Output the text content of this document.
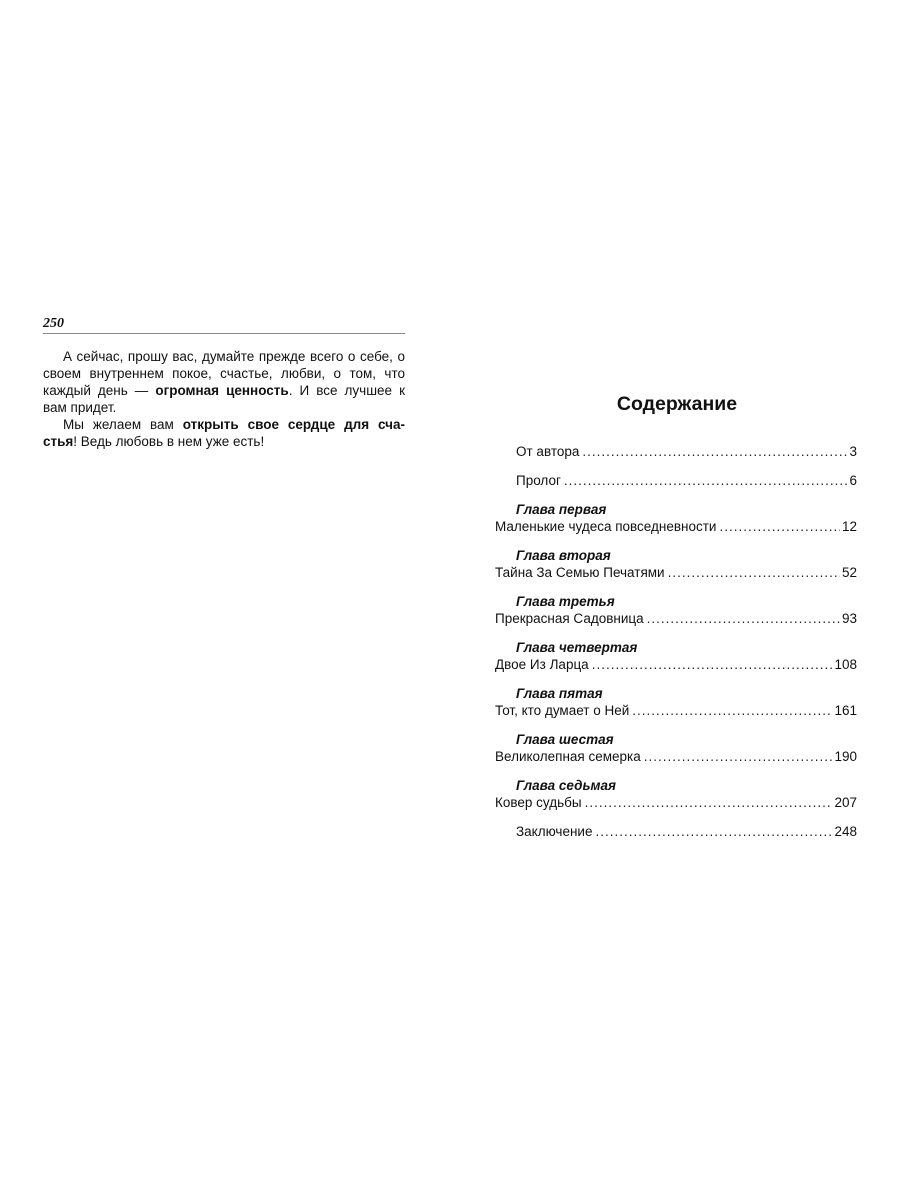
250

А сейчас, прошу вас, думайте прежде всего о себе, о своем внутреннем покое, счастье, любви, о том, что каждый день — огромная ценность. И все лучшее к вам придет.

Мы желаем вам открыть свое сердце для сча- стья! Ведь любовь в нем уже есть!

Содержание
От автора .....	3
Пролог .....	6
Глава первая
Маленькие чудеса повседневности .....	12
Глава вторая
Тайна За Семью Печатями .....	52
Глава третья
Прекрасная Садовница .....	93
Глава четвертая
Двое Из Ларца .....	108
Глава пятая
Тот, кто думает о Ней .....	161
Глава шестая
Великолепная семерка .....	190
Глава седьмая
Ковер судьбы .....	207
Заключение .....	248
